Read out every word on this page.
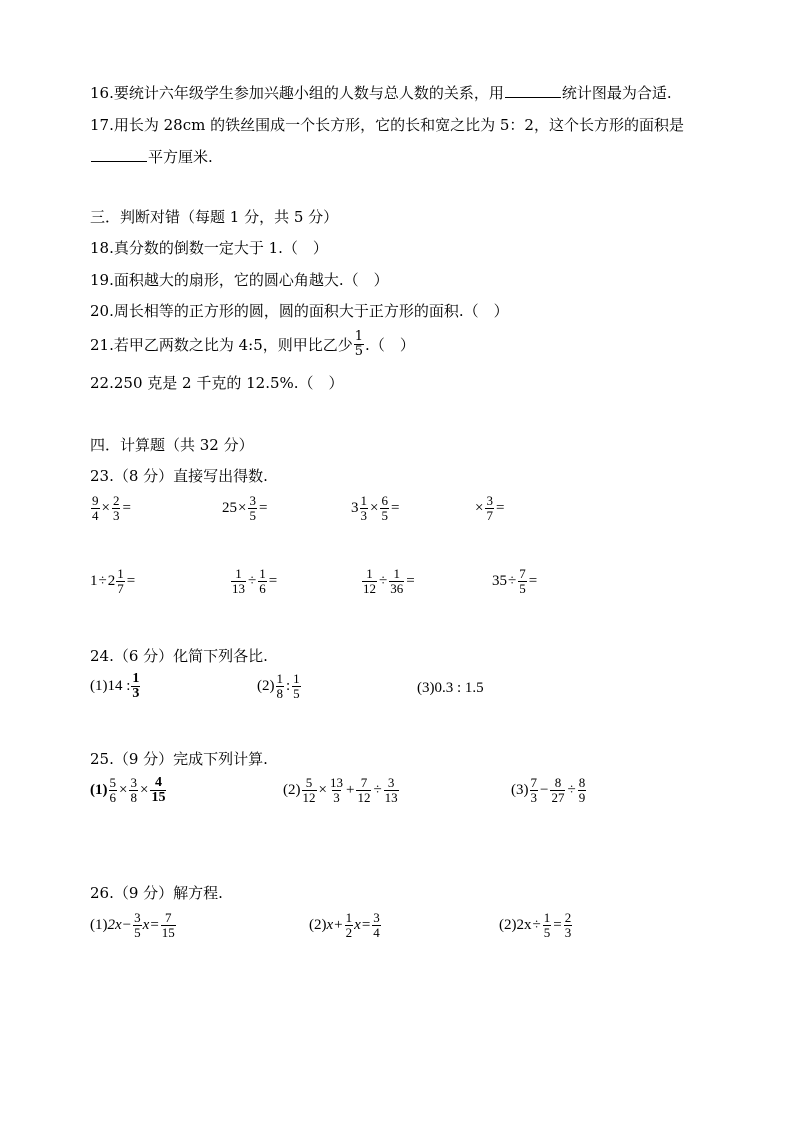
16.要统计六年级学生参加兴趣小组的人数与总人数的关系，用	统计图最为合适.
17.用长为 28cm 的铁丝围成一个长方形，它的长和宽之比为 5：2，这个长方形的面积是
平方厘米.
三．判断对错（每题 1 分，共 5 分）
18.真分数的倒数一定大于 1.（　）
19.面积越大的扇形，它的圆心角越大.（　）
20.周长相等的正方形的圆，圆的面积大于正方形的面积.（　）
21.若甲乙两数之比为 4:5，则甲比乙少 $\frac{1}{5}$ .（　）
22.250 克是 2 千克的 12.5%.（　）
四．计算题（共 32 分）
23.（8 分）直接写出得数.
$\frac{9}{4} \times \frac{2}{3}$ =	$25 \times \frac{3}{5}$ =	$3 \frac{1}{3} \times \frac{6}{5}$ =	× $\frac{3}{7}$ =
$1 \div 2 \frac{1}{7}$ =	$\frac{1}{13} \div \frac{1}{6}$ =	$\frac{1}{12} \div \frac{1}{36}$ =	$35 \div \frac{7}{5}$ =
24.（6 分）化简下列各比.
(1)14 : $\frac{1}{3}$	$(2) \frac{1}{8}$ : $\frac{1}{5}$	(3)0.3 : 1.5
25.（9 分）完成下列计算.
$(1) \frac{5}{6} \times \frac{3}{8} \times \frac{4}{15}$	$(2) \frac{5}{12} \times \frac{13}{3} + \frac{7}{12} \div \frac{3}{13}$	$(3) \frac{7}{3} - \frac{8}{27} \div \frac{8}{9}$
26.（9 分）解方程.
(1) $2x - \frac{3}{5}$ $x = \frac{7}{15}$	(2) $x + \frac{1}{2}$ $x = \frac{3}{4}$	$(2)2x \div \frac{1}{5} = \frac{2}{3}$
